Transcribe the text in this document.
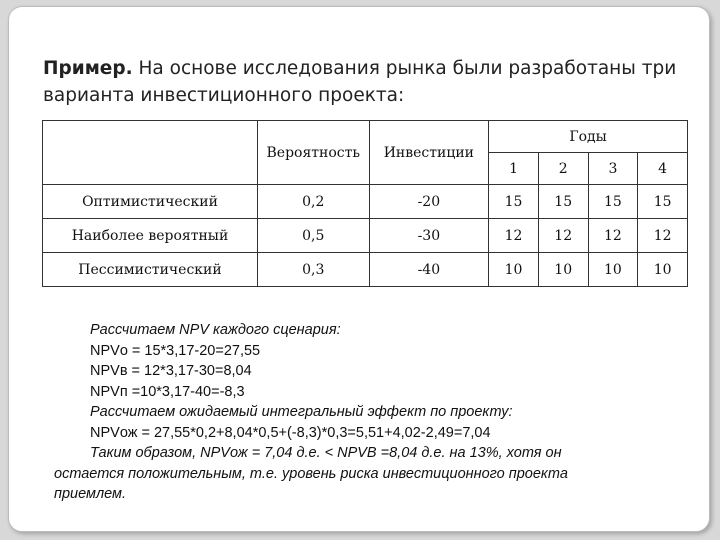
Пример. На основе исследования рынка были разработаны три варианта инвестиционного проекта:
	Вероятность	Инвестиции	Годы			
			1	2	3	4
Оптимистический	0,2	-20	15	15	15	15
Наиболее вероятный	0,5	-30	12	12	12	12
Пессимистический	0,3	-40	10	10	10	10
Рассчитаем NPV каждого сценария:
NPVо = 15*3,17-20=27,55
NPVв = 12*3,17-30=8,04
NPVп =10*3,17-40=-8,3
Рассчитаем ожидаемый интегральный эффект по проекту:
NPVож = 27,55*0,2+8,04*0,5+(-8,3)*0,3=5,51+4,02-2,49=7,04
Таким образом, NPVож = 7,04 д.е. < NPVВ =8,04 д.е. на 13%, хотя он
остается положительным, т.е. уровень риска инвестиционного проекта
приемлем.
